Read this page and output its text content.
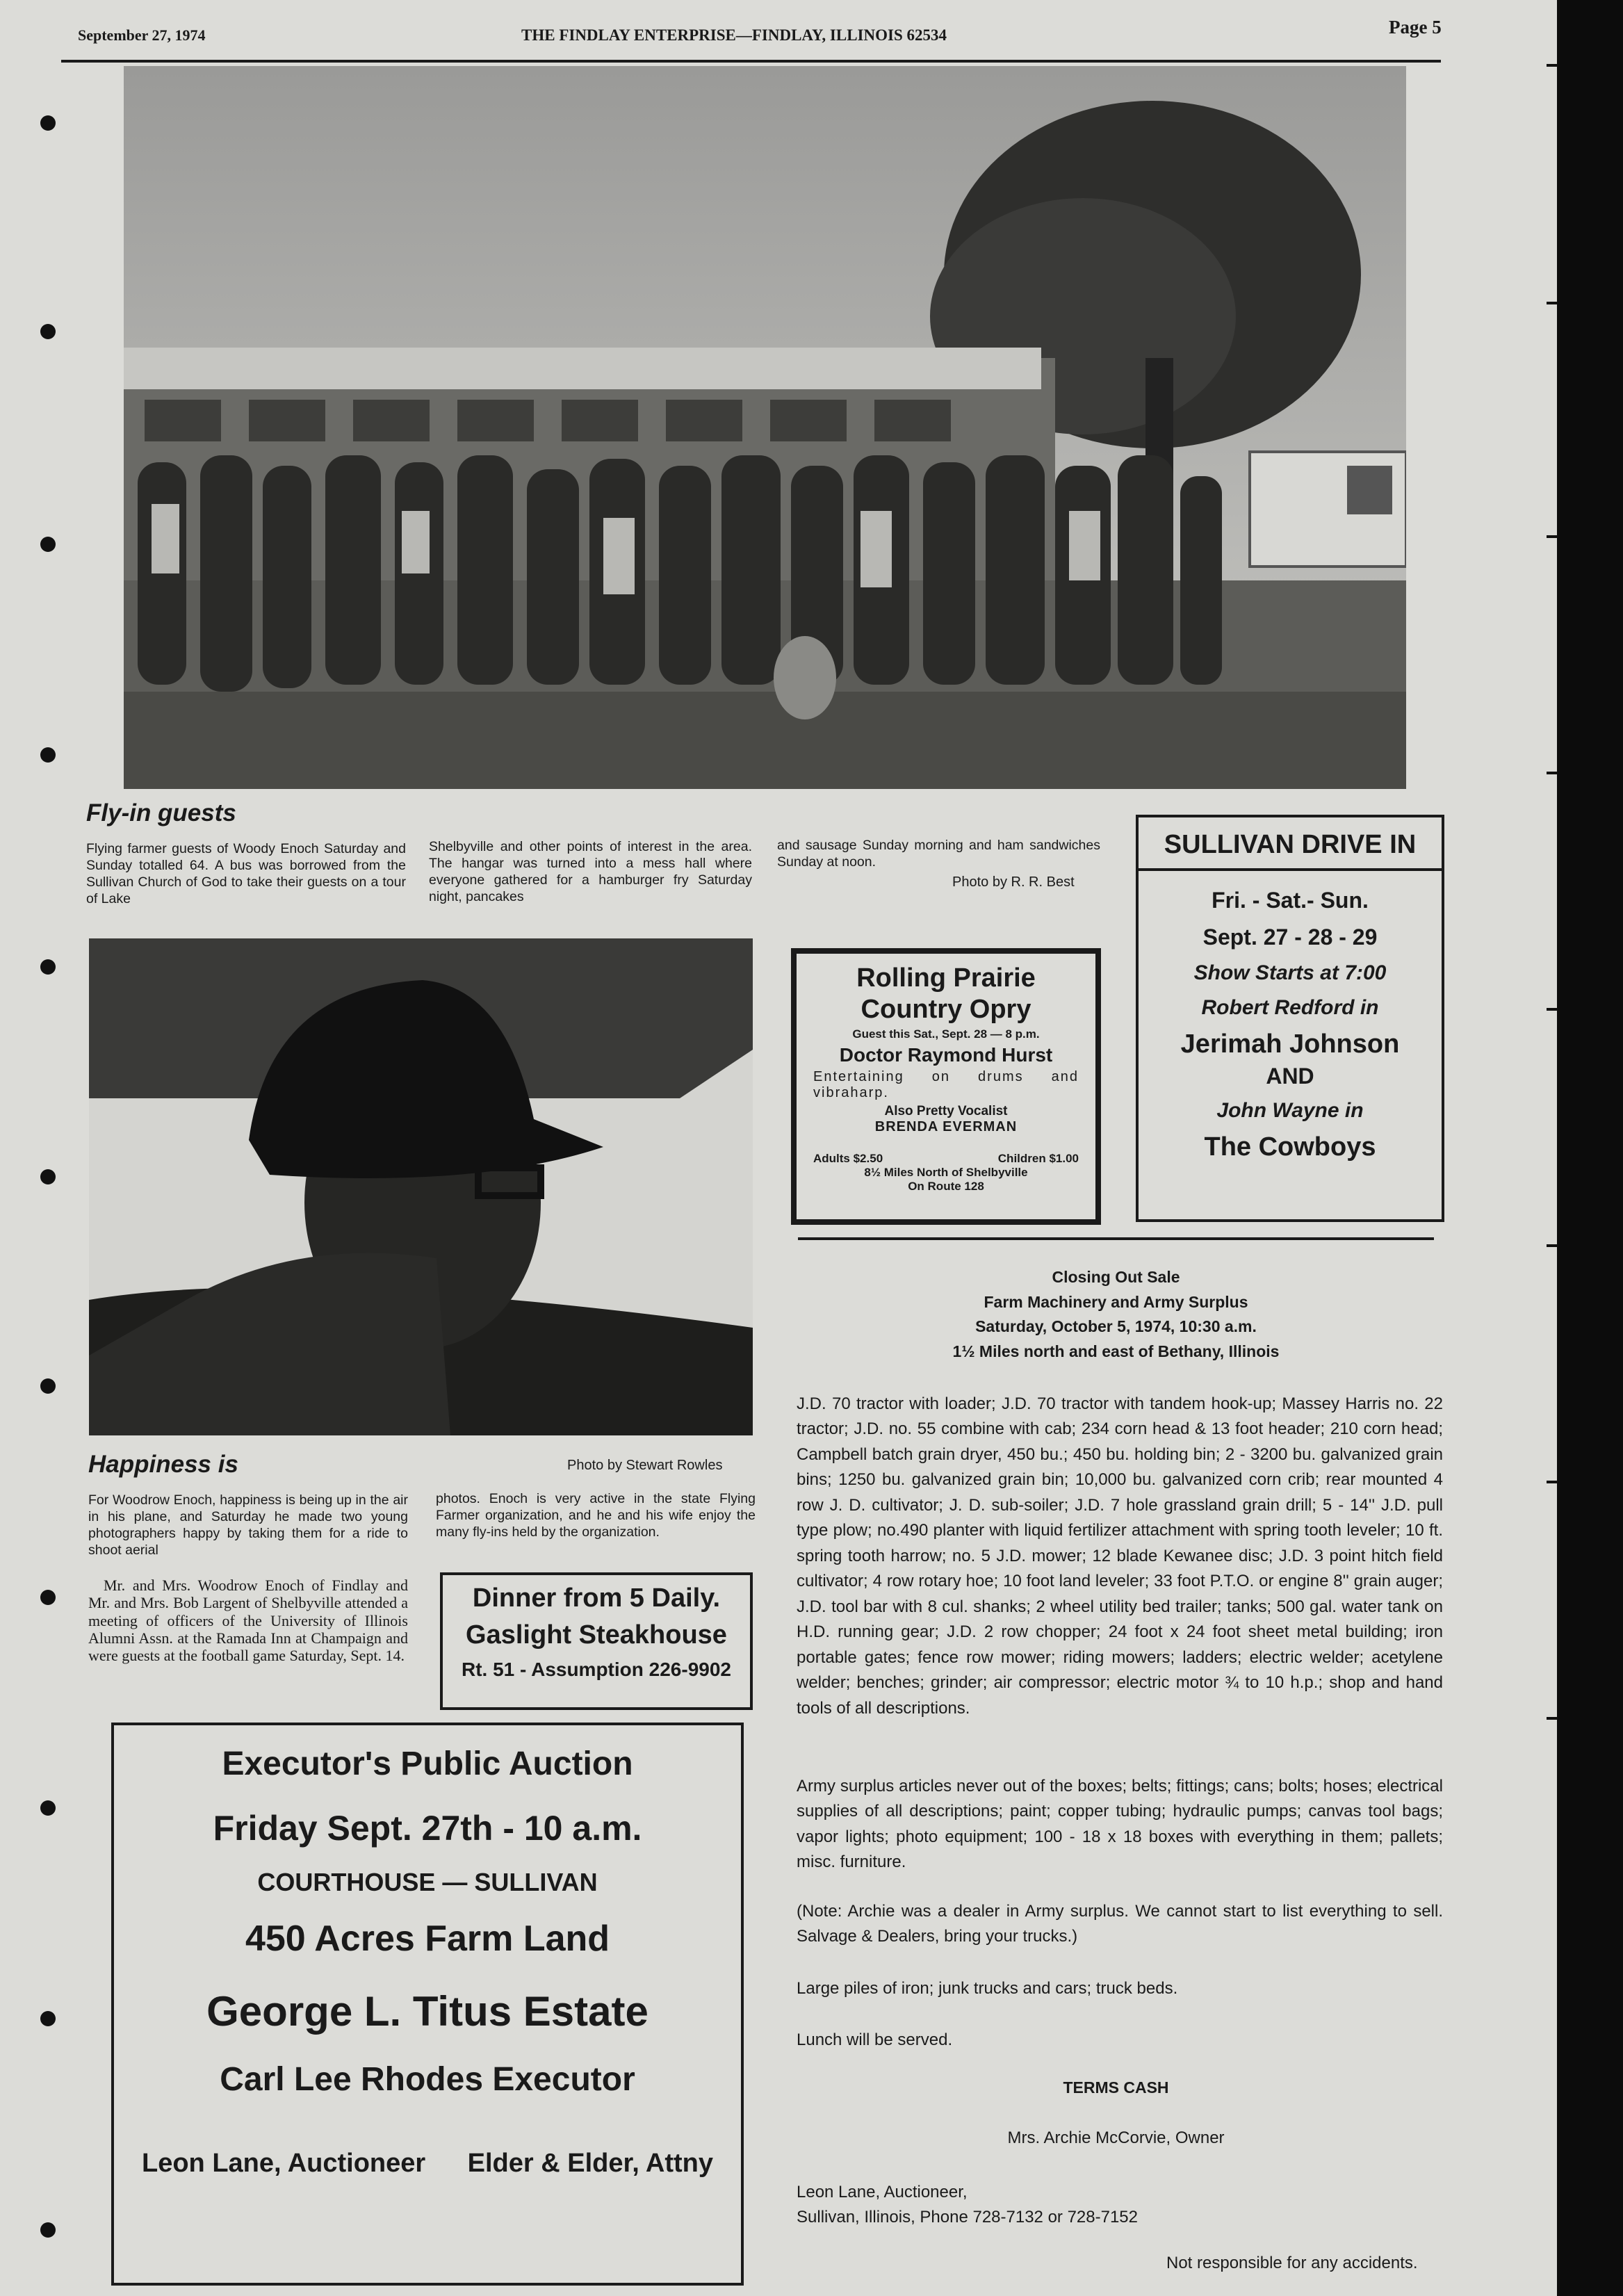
September 27, 1974	THE FINDLAY ENTERPRISE—FINDLAY, ILLINOIS 62534	Page 5
Fly-in guests
Flying farmer guests of Woody Enoch Saturday and Sunday totalled 64. A bus was borrowed from the Sullivan Church of God to take their guests on a tour of Lake
Shelbyville and other points of interest in the area. The hangar was turned into a mess hall where everyone gathered for a hamburger fry Saturday night, pancakes
and sausage Sunday morning and ham sandwiches Sunday at noon.
Photo by R. R. Best
SULLIVAN DRIVE IN
Fri. - Sat.- Sun.
Sept. 27 - 28 - 29
Show Starts at 7:00
Robert Redford in
Jerimah Johnson
AND
John Wayne in
The Cowboys
Rolling Prairie
Country Opry
Guest this Sat., Sept. 28 — 8 p.m.
Doctor Raymond Hurst
Entertaining on drums and vibraharp.
Also Pretty Vocalist
BRENDA EVERMAN
Adults $2.50	Children $1.00
8½ Miles North of Shelbyville
On Route 128
Happiness is	Photo by Stewart Rowles
For Woodrow Enoch, happiness is being up in the air in his plane, and Saturday he made two young photographers happy by taking them for a ride to shoot aerial
photos. Enoch is very active in the state Flying Farmer organization, and he and his wife enjoy the many fly-ins held by the organization.
Mr. and Mrs. Woodrow Enoch of Findlay and Mr. and Mrs. Bob Largent of Shelbyville attended a meeting of officers of the University of Illinois Alumni Assn. at the Ramada Inn at Champaign and were guests at the football game Saturday, Sept. 14.
Dinner from 5 Daily.
Gaslight Steakhouse
Rt. 51 - Assumption 226-9902
Executor's Public Auction
Friday Sept. 27th - 10 a.m.
COURTHOUSE — SULLIVAN
450 Acres Farm Land
George L. Titus Estate
Carl Lee Rhodes Executor
Leon Lane, Auctioneer Elder & Elder, Attny
Closing Out Sale
Farm Machinery and Army Surplus
Saturday, October 5, 1974, 10:30 a.m.
1½ Miles north and east of Bethany, Illinois
J.D. 70 tractor with loader; J.D. 70 tractor with tandem hook-up; Massey Harris no. 22 tractor; J.D. no. 55 combine with cab; 234 corn head & 13 foot header; 210 corn head; Campbell batch grain dryer, 450 bu.; 450 bu. holding bin; 2 - 3200 bu. galvanized grain bins; 1250 bu. galvanized grain bin; 10,000 bu. galvanized corn crib; rear mounted 4 row J. D. cultivator; J. D. sub-soiler; J.D. 7 hole grassland grain drill; 5 - 14'' J.D. pull type plow; no.490 planter with liquid fertilizer attachment with spring tooth leveler; 10 ft. spring tooth harrow; no. 5 J.D. mower; 12 blade Kewanee disc; J.D. 3 point hitch field cultivator; 4 row rotary hoe; 10 foot land leveler; 33 foot P.T.O. or engine 8'' grain auger; J.D. tool bar with 8 cul. shanks; 2 wheel utility bed trailer; tanks; 500 gal. water tank on H.D. running gear; J.D. 2 row chopper; 24 foot x 24 foot sheet metal building; iron portable gates; fence row mower; riding mowers; ladders; electric welder; acetylene welder; benches; grinder; air compressor; electric motor ¾ to 10 h.p.; shop and hand tools of all descriptions.
Army surplus articles never out of the boxes; belts; fittings; cans; bolts; hoses; electrical supplies of all descriptions; paint; copper tubing; hydraulic pumps; canvas tool bags; vapor lights; photo equipment; 100 - 18 x 18 boxes with everything in them; pallets; misc. furniture.
(Note: Archie was a dealer in Army surplus. We cannot start to list everything to sell. Salvage & Dealers, bring your trucks.)
Large piles of iron; junk trucks and cars; truck beds.
Lunch will be served.
TERMS CASH
Mrs. Archie McCorvie, Owner
Leon Lane, Auctioneer,
Sullivan, Illinois, Phone 728-7132 or 728-7152
Not responsible for any accidents.
